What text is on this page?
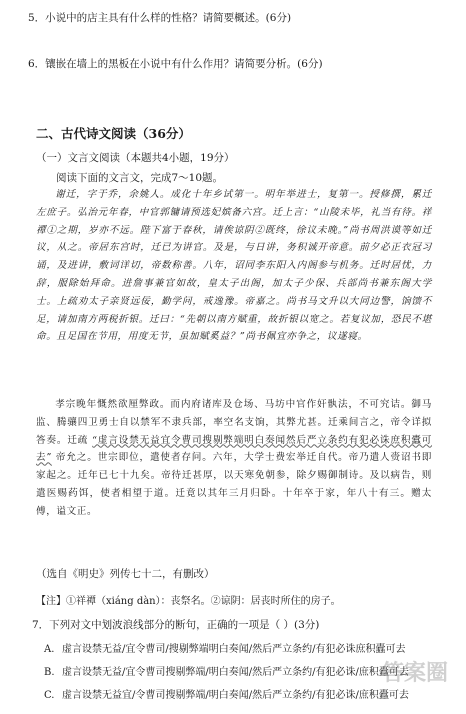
5．小说中的店主具有什么样的性格？请简要概述。(6分)
6．镶嵌在墙上的黑板在小说中有什么作用？请简要分析。(6分)
二、古代诗文阅读（36分）
（一）文言文阅读（本题共4小题，19分）
阅读下面的文言文，完成7～10题。
谢迁，字于乔，余姚人。成化十年乡试第一。明年举进士，复第一。授修撰，累迁左庶子。弘治元年春，中官郭镛请预选妃嫔备六宫。迁上言：“山陵未毕，礼当有待。祥禫①之期，岁亦不远。陛下富于春秋，请俟谅阴②既终，徐议未晚。”尚书周洪谟等如迁议，从之。帝居东宫时，迁已为讲官。及是，与日讲，务积诚开帝意。前夕必正衣冠习诵，及进讲，敷词详切，帝数称善。八年，诏同李东阳入内阁参与机务。迁时居忧，力辞，服除始拜命。进詹事兼官如故，皇太子出阁，加太子少保、兵部尚书兼东阁大学士。上疏劝太子亲贤远佞，勤学问，戒逸豫。帝嘉之。尚书马文升以大同边警，饷馈不足，请加南方两税折银。迁曰：“先朝以南方赋重，故折银以宽之。若复议加，恐民不堪命。且足国在节用，用度无节，虽加赋奚益？”尚书佩宜亦争之，议遂寝。
孝宗晚年慨然欲厘弊政。而内府诸库及仓场、马坊中官作奸骫法，不可究诘。御马监、腾骧四卫勇士自以禁军不隶兵部，率空名支饷，其弊尤甚。迁乘间言之，帝令详拟答奏。迁疏 “虚言设禁无益宜令曹司搜剔弊端明白奏闻然后严立条约有犯必诛庶积蠹可去” 帝允之。世宗即位，遣使者存问。六年，大学士费宏举迁自代。帝乃遣人赍诏书即家起之。迁年已七十九矣。帝待迁甚厚，以天寒免朝参，除夕赐御制诗。及以病告，则遣医赐药饵，使者相望于道。迁竟以其年三月归卧。十年卒于家，年八十有三。赠太傅，谥文正。
（选自《明史》列传七十二，有删改）
【注】①祥禫（xiáng dàn）：丧祭名。②谅阴：居丧时所住的房子。
7．下列对文中划波浪线部分的断句，正确的一项是（ ）(3分)
A. 虚言设禁无益/宜令曹司/搜剔弊端明白奏闻/然后严立条约/有犯必诛庶积蠹可去
B. 虚言设禁无益/宜令曹司搜剔弊端/明白奏闻/然后严立条约/有犯必诛/庶积蠹可去
C. 虚言设禁无益宜/令曹司搜剔弊端/明白奏闻/然后严立条约/有犯必诛/庶积蠹可去
答案圈
